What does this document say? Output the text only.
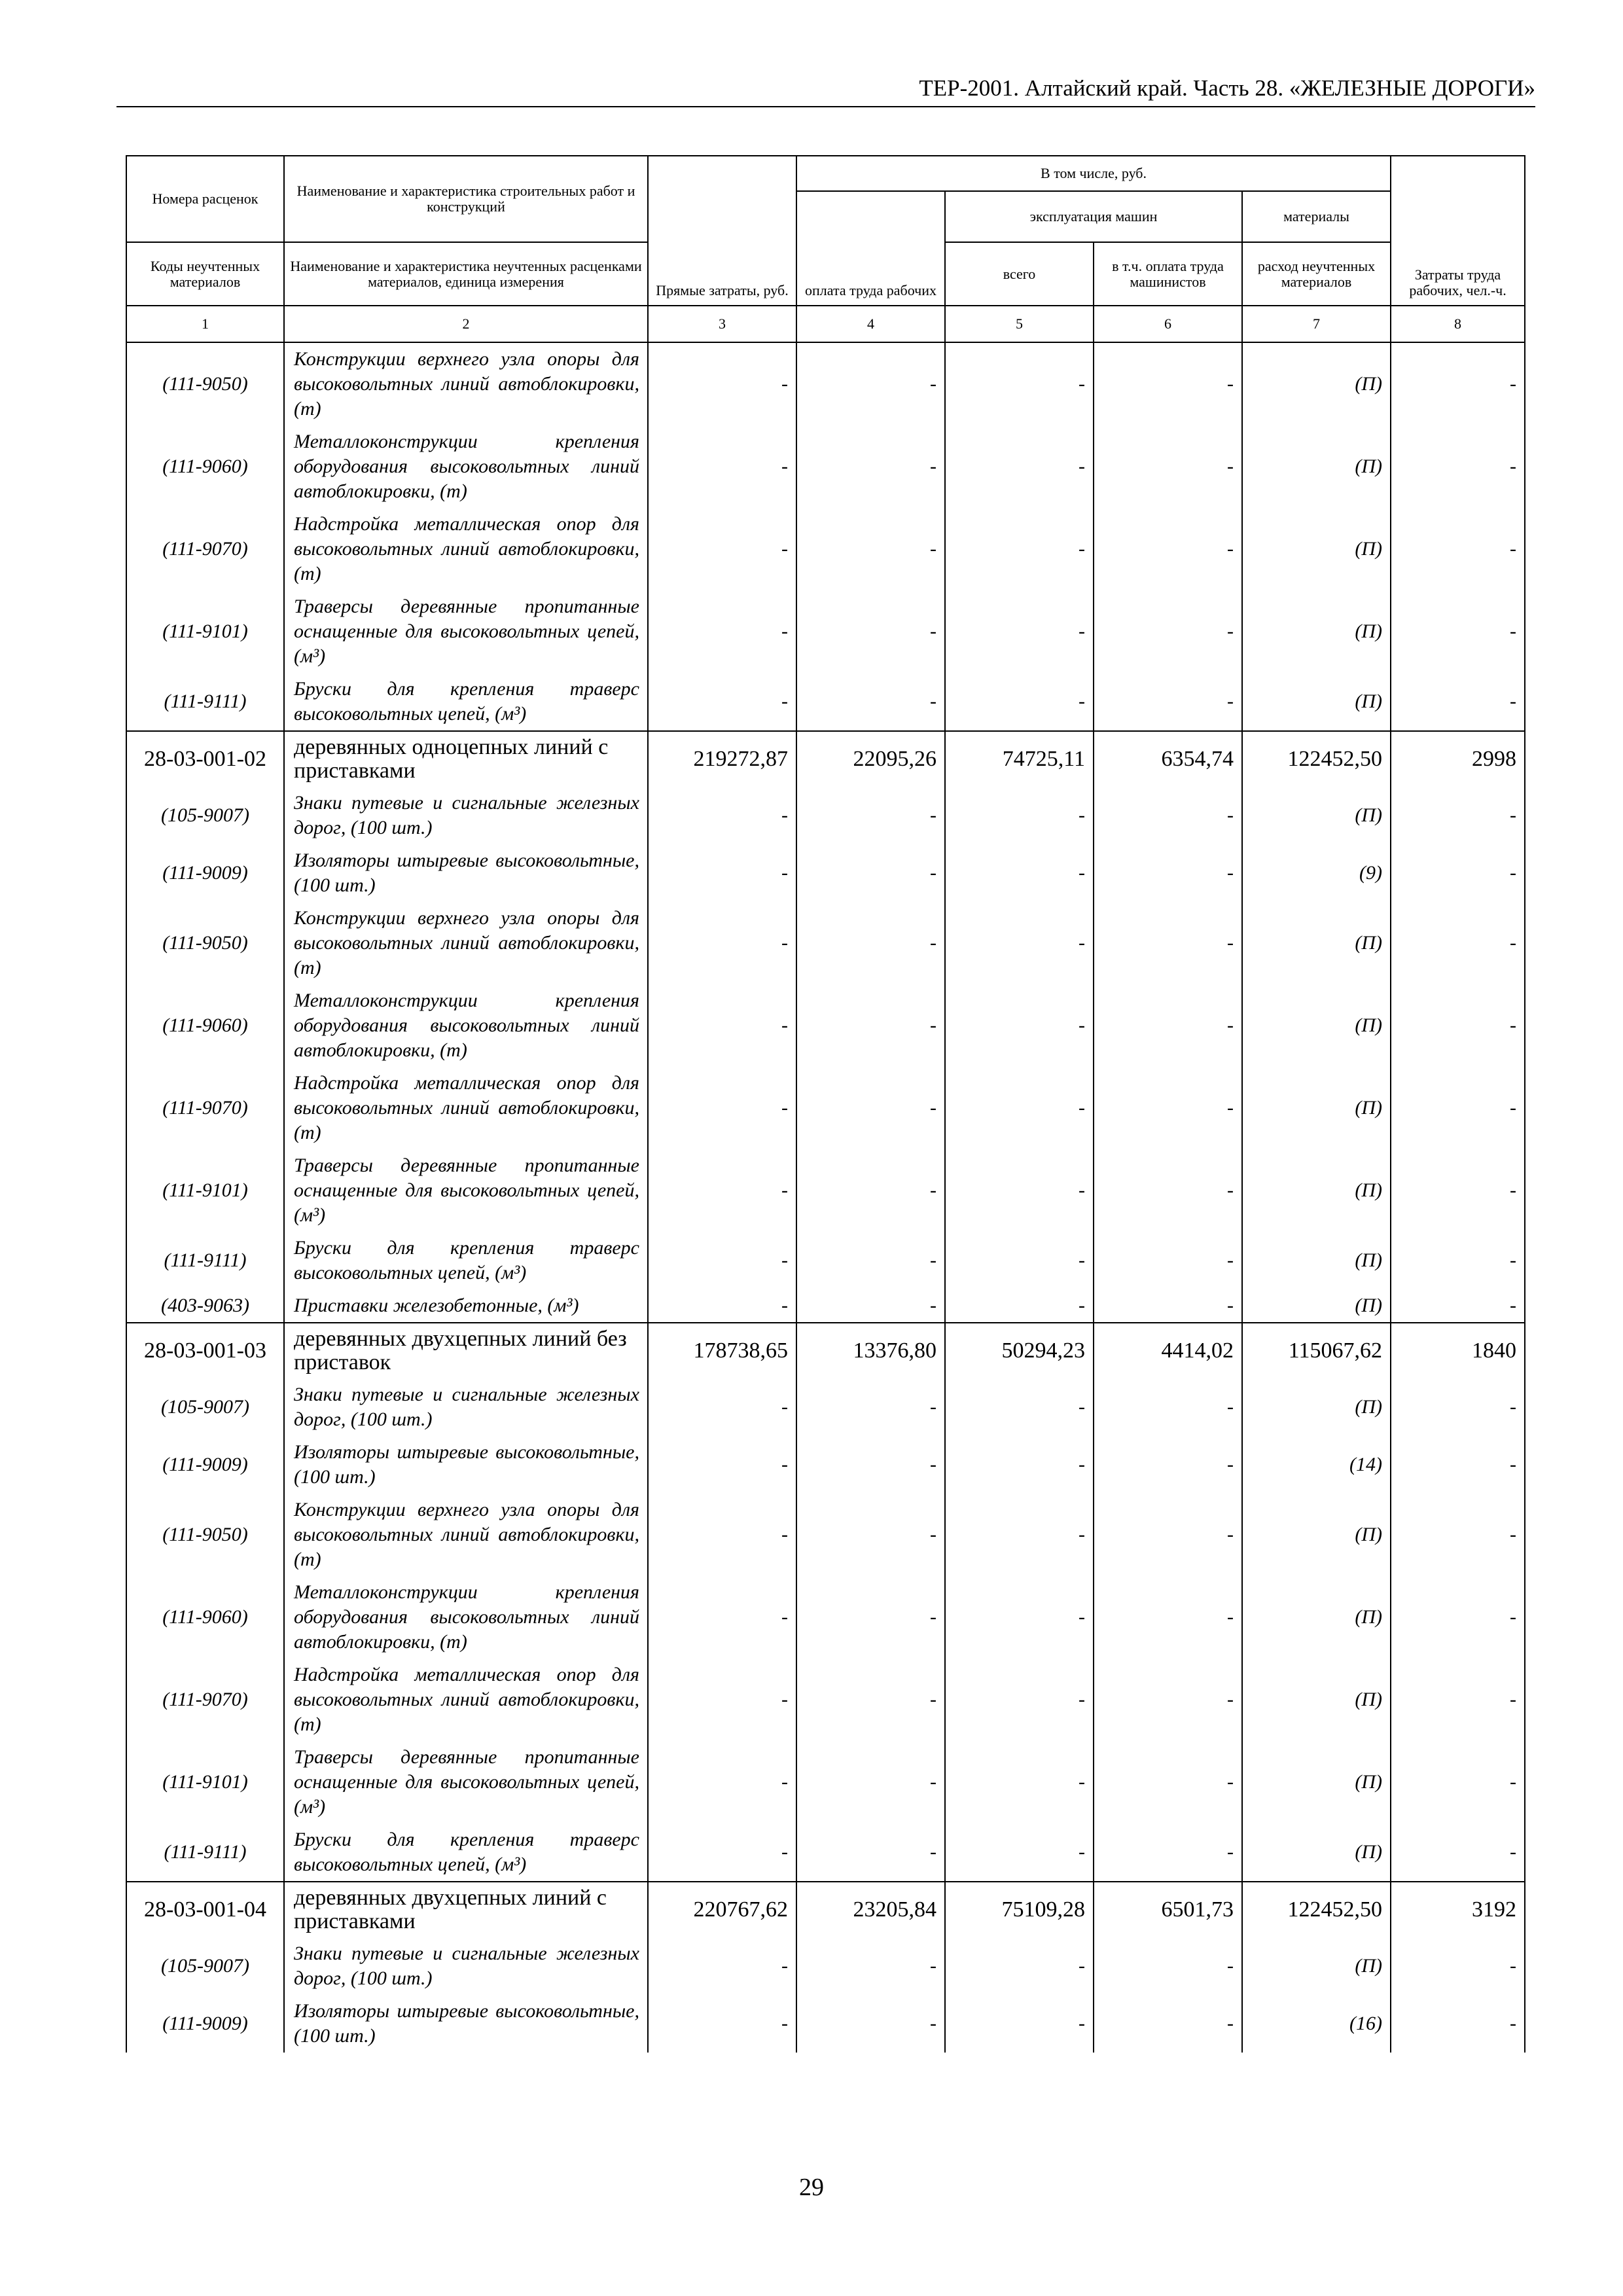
ТЕР-2001. Алтайский край. Часть 28. «ЖЕЛЕЗНЫЕ ДОРОГИ»
Номера расценок	Наименование и характеристика строительных работ и конструкций	Прямые затраты, руб.	В том числе, руб.				Затраты труда рабочих, чел.-ч.
			оплата труда рабочих	эксплуатация машин		материалы	
Коды неучтенных материалов	Наименование и характеристика неучтенных расценками материалов, единица измерения			всего	в т.ч. оплата труда машинистов	расход неучтенных материалов	
1	2	3	4	5	6	7	8
(111-9050)	Конструкции верхнего узла опоры для высоковольтных линий автоблокировки, (т)	-	-	-	-	(П)	-
(111-9060)	Металлоконструкции крепления оборудования высоковольтных линий автоблокировки, (т)	-	-	-	-	(П)	-
(111-9070)	Надстройка металлическая опор для высоковольтных линий автоблокировки, (т)	-	-	-	-	(П)	-
(111-9101)	Траверсы деревянные пропитанные оснащенные для высоковольтных цепей, (м³)	-	-	-	-	(П)	-
(111-9111)	Бруски для крепления траверс высоковольтных цепей, (м³)	-	-	-	-	(П)	-
28-03-001-02	деревянных одноцепных линий с приставками	219272,87	22095,26	74725,11	6354,74	122452,50	2998
(105-9007)	Знаки путевые и сигнальные железных дорог, (100 шт.)	-	-	-	-	(П)	-
(111-9009)	Изоляторы штыревые высоковольтные, (100 шт.)	-	-	-	-	(9)	-
(111-9050)	Конструкции верхнего узла опоры для высоковольтных линий автоблокировки, (т)	-	-	-	-	(П)	-
(111-9060)	Металлоконструкции крепления оборудования высоковольтных линий автоблокировки, (т)	-	-	-	-	(П)	-
(111-9070)	Надстройка металлическая опор для высоковольтных линий автоблокировки, (т)	-	-	-	-	(П)	-
(111-9101)	Траверсы деревянные пропитанные оснащенные для высоковольтных цепей, (м³)	-	-	-	-	(П)	-
(111-9111)	Бруски для крепления траверс высоковольтных цепей, (м³)	-	-	-	-	(П)	-
(403-9063)	Приставки железобетонные, (м³)	-	-	-	-	(П)	-
28-03-001-03	деревянных двухцепных линий без приставок	178738,65	13376,80	50294,23	4414,02	115067,62	1840
(105-9007)	Знаки путевые и сигнальные железных дорог, (100 шт.)	-	-	-	-	(П)	-
(111-9009)	Изоляторы штыревые высоковольтные, (100 шт.)	-	-	-	-	(14)	-
(111-9050)	Конструкции верхнего узла опоры для высоковольтных линий автоблокировки, (т)	-	-	-	-	(П)	-
(111-9060)	Металлоконструкции крепления оборудования высоковольтных линий автоблокировки, (т)	-	-	-	-	(П)	-
(111-9070)	Надстройка металлическая опор для высоковольтных линий автоблокировки, (т)	-	-	-	-	(П)	-
(111-9101)	Траверсы деревянные пропитанные оснащенные для высоковольтных цепей, (м³)	-	-	-	-	(П)	-
(111-9111)	Бруски для крепления траверс высоковольтных цепей, (м³)	-	-	-	-	(П)	-
28-03-001-04	деревянных двухцепных линий с приставками	220767,62	23205,84	75109,28	6501,73	122452,50	3192
(105-9007)	Знаки путевые и сигнальные железных дорог, (100 шт.)	-	-	-	-	(П)	-
(111-9009)	Изоляторы штыревые высоковольтные, (100 шт.)	-	-	-	-	(16)	-
29
